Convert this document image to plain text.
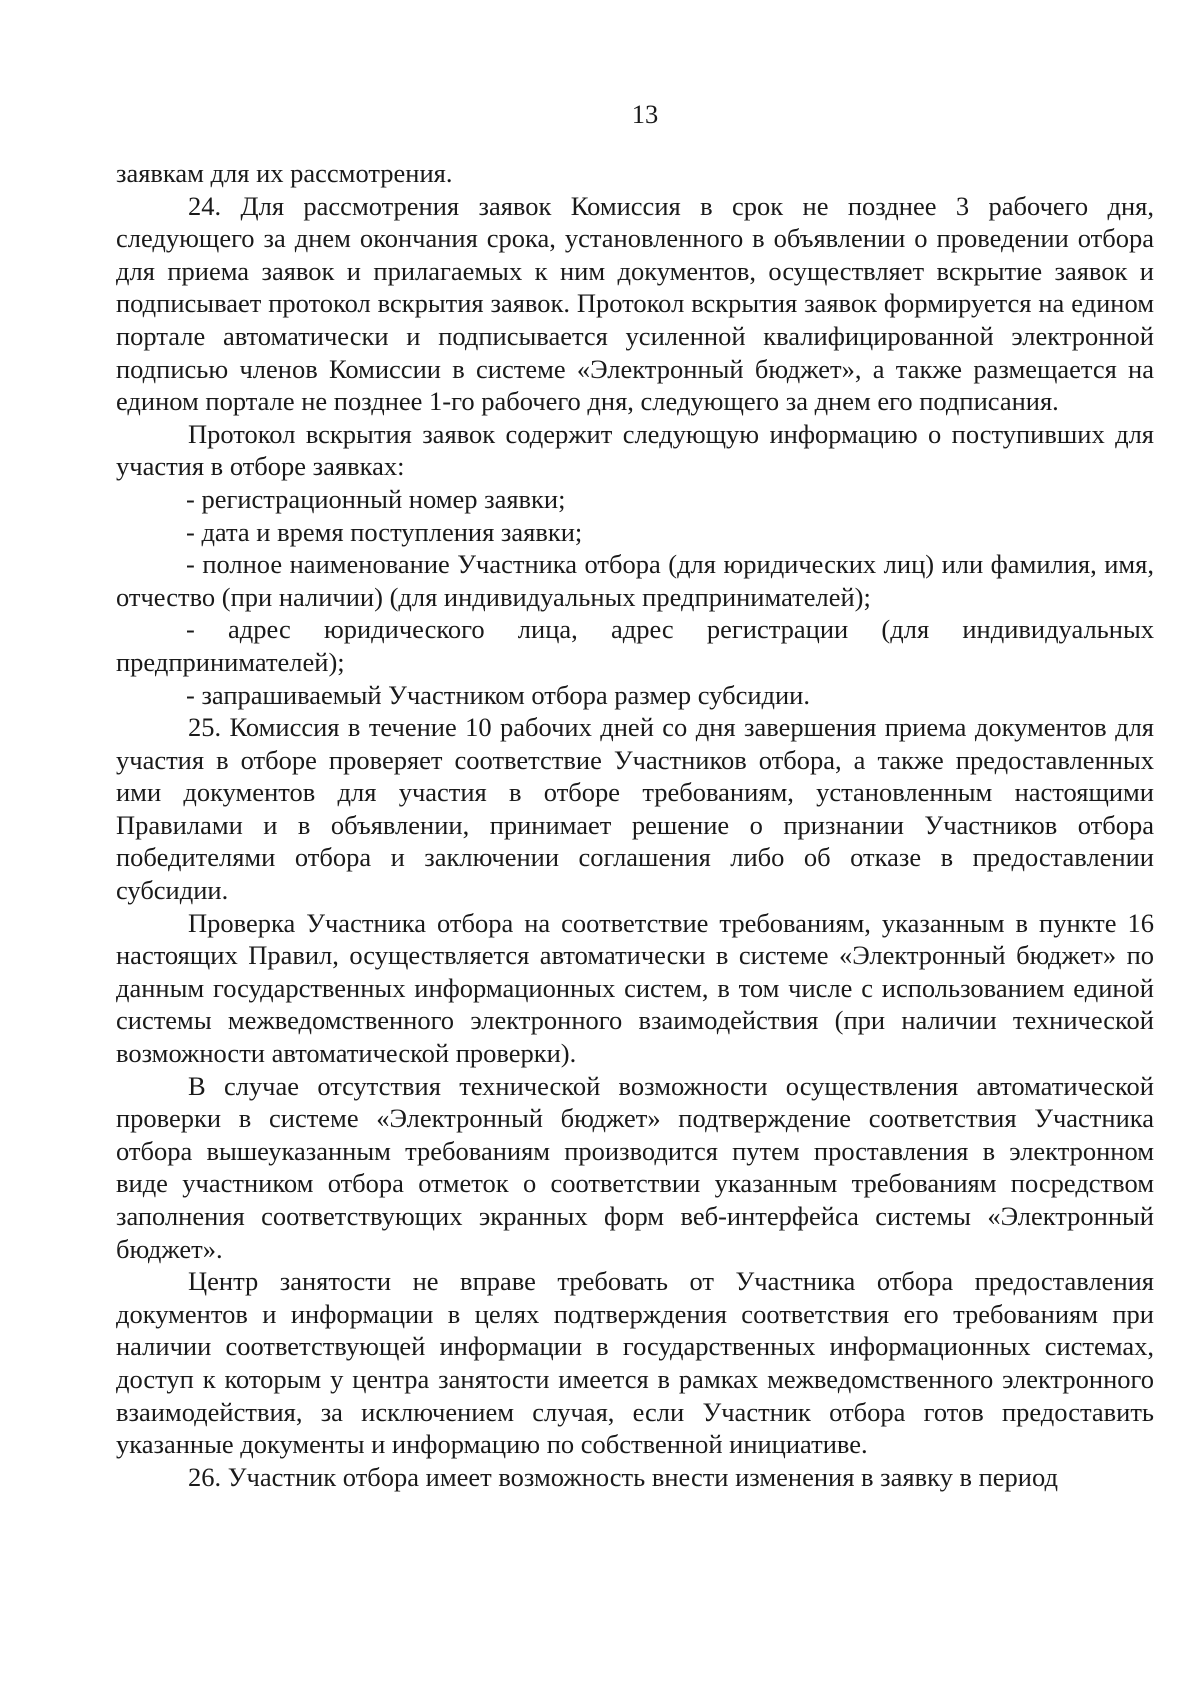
13

заявкам для их рассмотрения.

24. Для рассмотрения заявок Комиссия в срок не позднее 3 рабочего дня, следующего за днем окончания срока, установленного в объявлении о проведении отбора для приема заявок и прилагаемых к ним документов, осуществляет вскрытие заявок и подписывает протокол вскрытия заявок. Протокол вскрытия заявок формируется на едином портале автоматически и подписывается усиленной квалифицированной электронной подписью членов Комиссии в системе «Электронный бюджет», а также размещается на едином портале не позднее 1-го рабочего дня, следующего за днем его подписания.

Протокол вскрытия заявок содержит следующую информацию о поступивших для участия в отборе заявках:

- регистрационный номер заявки;

- дата и время поступления заявки;

- полное наименование Участника отбора (для юридических лиц) или фамилия, имя, отчество (при наличии) (для индивидуальных предпринимателей);

- адрес юридического лица, адрес регистрации (для индивидуальных предпринимателей);

- запрашиваемый Участником отбора размер субсидии.

25. Комиссия в течение 10 рабочих дней со дня завершения приема документов для участия в отборе проверяет соответствие Участников отбора, а также предоставленных ими документов для участия в отборе требованиям, установленным настоящими Правилами и в объявлении, принимает решение о признании Участников отбора победителями отбора и заключении соглашения либо об отказе в предоставлении субсидии.

Проверка Участника отбора на соответствие требованиям, указанным в пункте 16 настоящих Правил, осуществляется автоматически в системе «Электронный бюджет» по данным государственных информационных систем, в том числе с использованием единой системы межведомственного электронного взаимодействия (при наличии технической возможности автоматической проверки).

В случае отсутствия технической возможности осуществления автоматической проверки в системе «Электронный бюджет» подтверждение соответствия Участника отбора вышеуказанным требованиям производится путем проставления в электронном виде участником отбора отметок о соответствии указанным требованиям посредством заполнения соответствующих экранных форм веб-интерфейса системы «Электронный бюджет».

Центр занятости не вправе требовать от Участника отбора предоставления документов и информации в целях подтверждения соответствия его требованиям при наличии соответствующей информации в государственных информационных системах, доступ к которым у центра занятости имеется в рамках межведомственного электронного взаимодействия, за исключением случая, если Участник отбора готов предоставить указанные документы и информацию по собственной инициативе.

26. Участник отбора имеет возможность внести изменения в заявку в период
